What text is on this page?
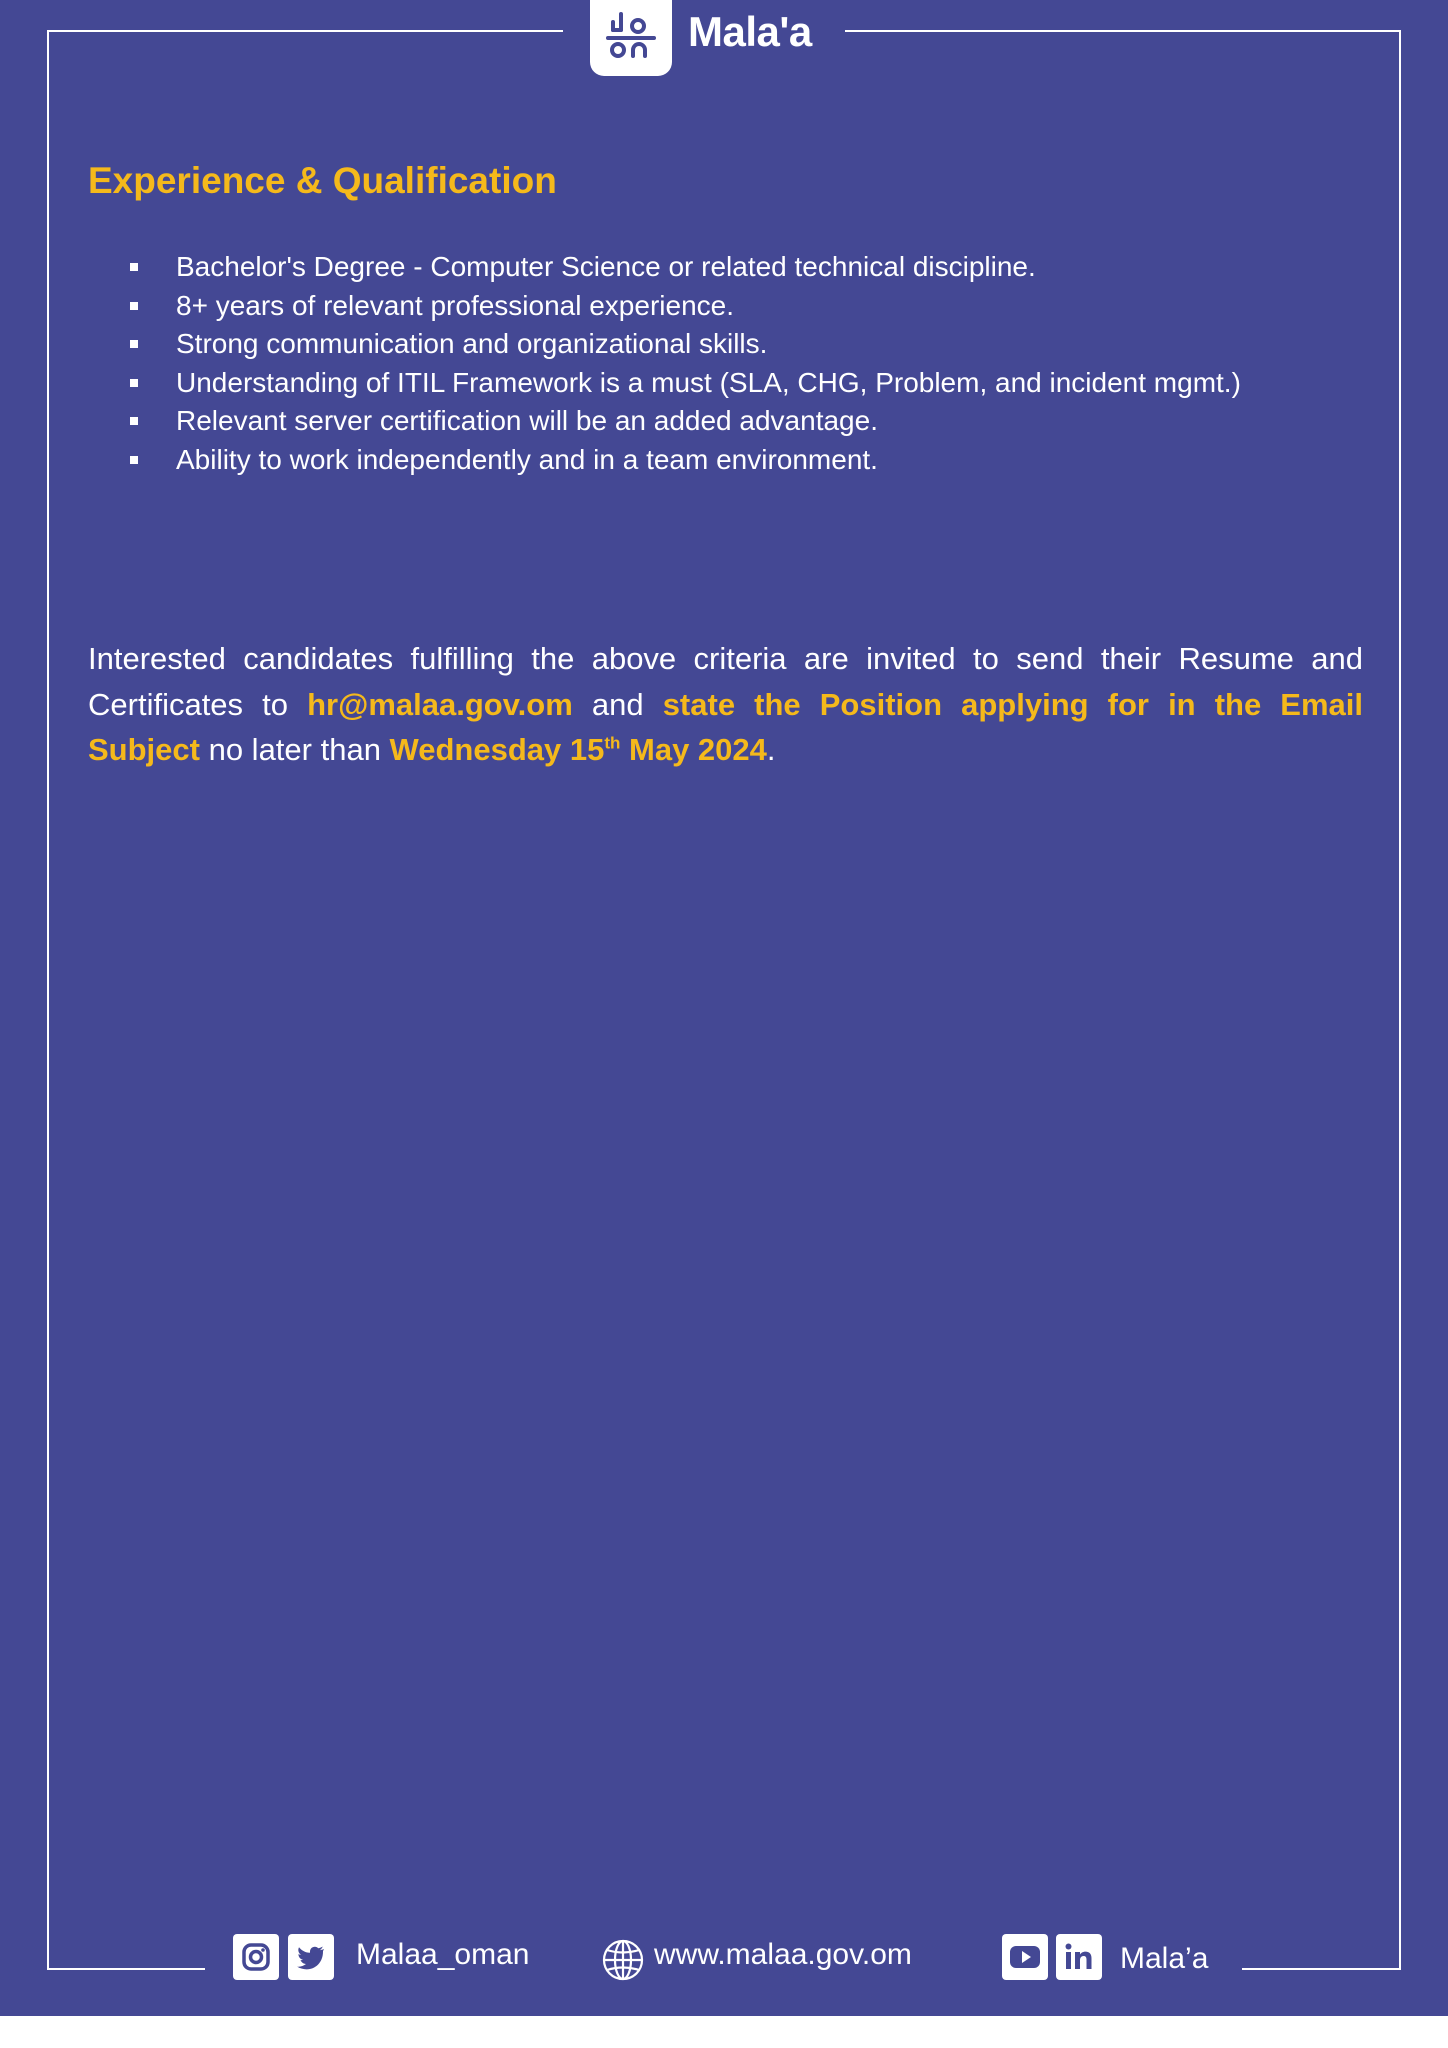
Mala'a
Experience & Qualification
Bachelor's Degree - Computer Science or related technical discipline.
8+ years of relevant professional experience.
Strong communication and organizational skills.
Understanding of ITIL Framework is a must (SLA, CHG, Problem, and incident mgmt.)
Relevant server certification will be an added advantage.
Ability to work independently and in a team environment.

Interested candidates fulfilling the above criteria are invited to send their Resume and Certificates to hr@malaa.gov.om and state the Position applying for in the Email Subject no later than Wednesday 15th May 2024.

Malaa_oman	www.malaa.gov.om	Mala’a
